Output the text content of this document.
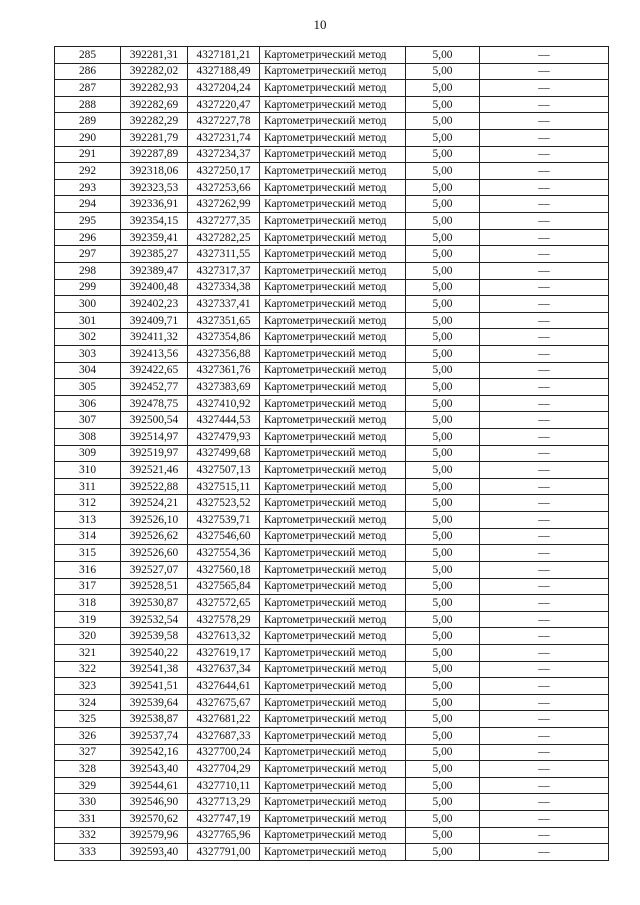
10
285	392281,31	4327181,21	Картометрический метод	5,00	—
286	392282,02	4327188,49	Картометрический метод	5,00	—
287	392282,93	4327204,24	Картометрический метод	5,00	—
288	392282,69	4327220,47	Картометрический метод	5,00	—
289	392282,29	4327227,78	Картометрический метод	5,00	—
290	392281,79	4327231,74	Картометрический метод	5,00	—
291	392287,89	4327234,37	Картометрический метод	5,00	—
292	392318,06	4327250,17	Картометрический метод	5,00	—
293	392323,53	4327253,66	Картометрический метод	5,00	—
294	392336,91	4327262,99	Картометрический метод	5,00	—
295	392354,15	4327277,35	Картометрический метод	5,00	—
296	392359,41	4327282,25	Картометрический метод	5,00	—
297	392385,27	4327311,55	Картометрический метод	5,00	—
298	392389,47	4327317,37	Картометрический метод	5,00	—
299	392400,48	4327334,38	Картометрический метод	5,00	—
300	392402,23	4327337,41	Картометрический метод	5,00	—
301	392409,71	4327351,65	Картометрический метод	5,00	—
302	392411,32	4327354,86	Картометрический метод	5,00	—
303	392413,56	4327356,88	Картометрический метод	5,00	—
304	392422,65	4327361,76	Картометрический метод	5,00	—
305	392452,77	4327383,69	Картометрический метод	5,00	—
306	392478,75	4327410,92	Картометрический метод	5,00	—
307	392500,54	4327444,53	Картометрический метод	5,00	—
308	392514,97	4327479,93	Картометрический метод	5,00	—
309	392519,97	4327499,68	Картометрический метод	5,00	—
310	392521,46	4327507,13	Картометрический метод	5,00	—
311	392522,88	4327515,11	Картометрический метод	5,00	—
312	392524,21	4327523,52	Картометрический метод	5,00	—
313	392526,10	4327539,71	Картометрический метод	5,00	—
314	392526,62	4327546,60	Картометрический метод	5,00	—
315	392526,60	4327554,36	Картометрический метод	5,00	—
316	392527,07	4327560,18	Картометрический метод	5,00	—
317	392528,51	4327565,84	Картометрический метод	5,00	—
318	392530,87	4327572,65	Картометрический метод	5,00	—
319	392532,54	4327578,29	Картометрический метод	5,00	—
320	392539,58	4327613,32	Картометрический метод	5,00	—
321	392540,22	4327619,17	Картометрический метод	5,00	—
322	392541,38	4327637,34	Картометрический метод	5,00	—
323	392541,51	4327644,61	Картометрический метод	5,00	—
324	392539,64	4327675,67	Картометрический метод	5,00	—
325	392538,87	4327681,22	Картометрический метод	5,00	—
326	392537,74	4327687,33	Картометрический метод	5,00	—
327	392542,16	4327700,24	Картометрический метод	5,00	—
328	392543,40	4327704,29	Картометрический метод	5,00	—
329	392544,61	4327710,11	Картометрический метод	5,00	—
330	392546,90	4327713,29	Картометрический метод	5,00	—
331	392570,62	4327747,19	Картометрический метод	5,00	—
332	392579,96	4327765,96	Картометрический метод	5,00	—
333	392593,40	4327791,00	Картометрический метод	5,00	—
